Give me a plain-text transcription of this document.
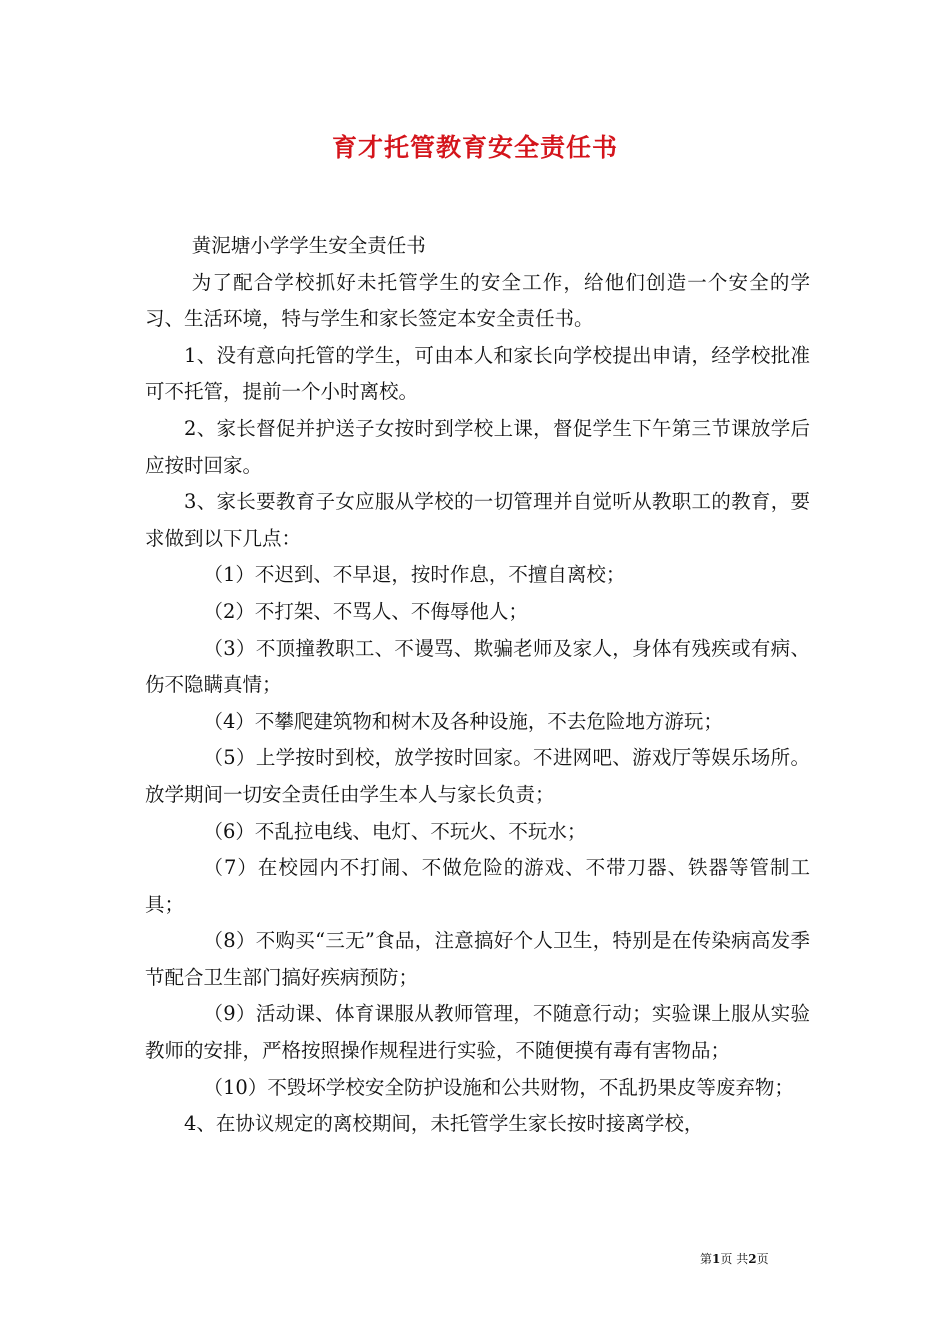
育才托管教育安全责任书

黄泥塘小学学生安全责任书

为了配合学校抓好未托管学生的安全工作，给他们创造一个安全的学习、生活环境，特与学生和家长签定本安全责任书。

1、没有意向托管的学生，可由本人和家长向学校提出申请，经学校批准可不托管，提前一个小时离校。

2、家长督促并护送子女按时到学校上课，督促学生下午第三节课放学后应按时回家。

3、家长要教育子女应服从学校的一切管理并自觉听从教职工的教育，要求做到以下几点：

（1）不迟到、不早退，按时作息，不擅自离校；

（2）不打架、不骂人、不侮辱他人；

（3）不顶撞教职工、不谩骂、欺骗老师及家人，身体有残疾或有病、伤不隐瞒真情；

（4）不攀爬建筑物和树木及各种设施，不去危险地方游玩；

（5）上学按时到校，放学按时回家。不进网吧、游戏厅等娱乐场所。放学期间一切安全责任由学生本人与家长负责；

（6）不乱拉电线、电灯、不玩火、不玩水；

（7）在校园内不打闹、不做危险的游戏、不带刀器、铁器等管制工具；

（8）不购买“三无”食品，注意搞好个人卫生，特别是在传染病高发季节配合卫生部门搞好疾病预防；

（9）活动课、体育课服从教师管理，不随意行动；实验课上服从实验教师的安排，严格按照操作规程进行实验，不随便摸有毒有害物品；

（10）不毁坏学校安全防护设施和公共财物，不乱扔果皮等废弃物；

4、在协议规定的离校期间，未托管学生家长按时接离学校，

第1页 共2页
